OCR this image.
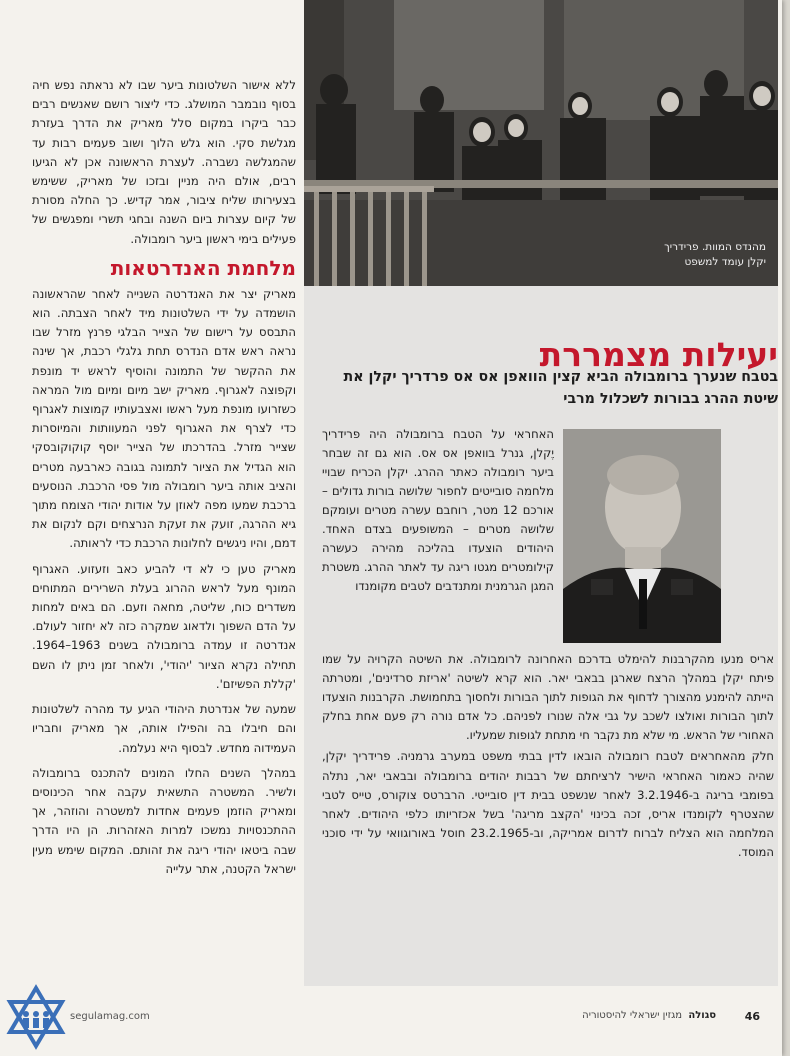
ללא אישור השלטונות ביער שבו לא נראתה נפש חיה בסוף נובמבר המושלג. כדי ליצור רושם שאנשים רבים כבר ביקרו במקום סלל מאריק את הדרך בעזרת מגלשת סקי. הוא גלש הלוך ושוב פעמים רבות עד שהמגלשה נשברה. לעצרת הראשונה אכן לא הגיעו רבים, אולם היה מניין ובזכו של מאריק, ששימש בצעירותו שליח ציבור, אמר קדיש. כך החלה מסורת של קיום עצרות ביום השנה ובחגי תשרי ומפגשים של פעילים בימי ראשון ביער רומבולה.

מלחמת האנדרטאות

מאריק יצר את האנדרטה השנייה לאחר שהראשונה הושמדה על ידי השלטונות מיד לאחר הצבתה. הוא התבסס על רישום של הצייר הבלגי פרנץ מזרל שבו נראה ראש אדם הנדרס תחת גלגלי רכבת, אך שינה את ההקשר של התמונה והוסיף לראש יד מונפת וקפוצה לאגרוף. מאריק ישב מיום ומיום מול המראה כשזרועו מונפת מעל ראשו ואצבעותיו קמוצות לאגרוף כדי לצרף את האגרוף לפני המעוותות והמיוסרות שצייר מזרל. בהדרכתו של הצייר יוסף קוקוקובסקי הוא הגדיל את הציור לתמונה בגובה כארבעה מטרים והציב אותה ביער רומבולה מול פסי הרכבת. הנוסעים ברכבת שמעו מפה לאוזן על אודות יהודי הצומח מתוך גיא ההרגה, זועק את זעקת הנרצחים וקם לנקום את דמם, והיו ניגשים לחלונות הרכבת כדי לראותה.

מאריק טען כי לא די להביע כאב וזעזוע. האגרוף המונף מעל לראש ההרוג בעלת השרירים המתוחים משדרים כוח, שליטה, מחאה וזעם. הם באים למחות על הדם השפוך ולדאוג שמקרה כזה לא יחזור לעולם. אנדרטה זו עמדה ברומבולה בשנים 1963–1964. תחילה נקרא הציור 'יהודי', ולאחר זמן ניתן לו השם 'קללת הפשיזם'.

שמעה של אנדרטת היהודי הגיע עד מהרה לשלטונות והם חיבלו בה והפילו אותה, אך מאריק וחבריו העמידוה מחדש. לבסוף היא נעלמה.

במהלך השנים החלו המונים להתכנס ברומבולה ולשיר. המשטרה התשאית עקבה אחר הכינוסים ומאריק הוזמן פעמים אחדות למשטרה והוזהר, אך ההתכנסויות נמשכו למרות האזהרות. הן היו הדרך שבה ביטאו יהודי ריגה את זהותם. המקום שימש מעין ישראל הקטנה, אתר עלייה

מהנדס המוות. פרידריך יקלן עומד למשפט
יעילות מצמררת
בטבח שנערך ברומבולה הביא קצין הוואפן אס אס פרדריך יקלן את שיטת ההרג בבורות לשכלול מרבי
האחראי על הטבח ברומבולה היה פרידריך יֶקלן, גנרל בוואפן אס אס. הוא גם זה שבחר ביער רומבולה כאתר ההרג. יקלן הכריח שבויי מלחמה סובייטים לחפור שלושה בורות גדולים – אורכם 12 מטר, רוחבם עשרה מטרים ועומקם שלושה מטרים – המשופעים בצדם האחד. היהודים הוצעדו בהליכה מהירה כעשרה קילומטרים מגטו ריגה עד לאתר ההרג. משטרת המגן הגרמנית ומתנדבים לטבים מקומנדו

אריס מנעו מהקרבנות להימלט בדרכם האחרונה לרומבולה. את השיטה הקרויה על שמו פיתח יקלן במהלך הרצח שארגן בבאבי יאר. הוא קרא לשיטה 'אריזת סרדינים', ומטרתה הייתה להימנע מהצורך לדחוף את הגופות לתוך הבורות ולחסוך בתחמושת. הקרבנות הוצעדו לתוך הבורות ואולצו לשכב על גבי אלה שנורו לפניהם. כל אדם נורה רק פעם אחת בחלק האחורי של הראש. מי שלא מת נקבר חי מתחת לגופות שמעליו.

חלק מהאחראים לטבח רומבולה הובאו לדין בבתי משפט במערב גרמניה. פרידריך יקלן, שהיה כאמור האחראי הישיר לרציחתם של רבבות יהודים ברומבולה ובבאבי יאר, נתלה בפומבי בריגה ב-3.2.1946 לאחר שנשפט בבית דין סובייטי. הרברטס צוקורס, טייס לטבי שהצטרף לקומנדו אריס, זכה בכינוי 'הקצב מריגה' בשל אכזריותו כלפי היהודים. לאחר המלחמה הוא הצליח לברוח לדרום אמריקה, וב-23.2.1965 חוסל באורוגוואי על ידי סוכני המוסד.

46
סגולה  מגזין ישראלי להיסטוריה
segulamag.com
